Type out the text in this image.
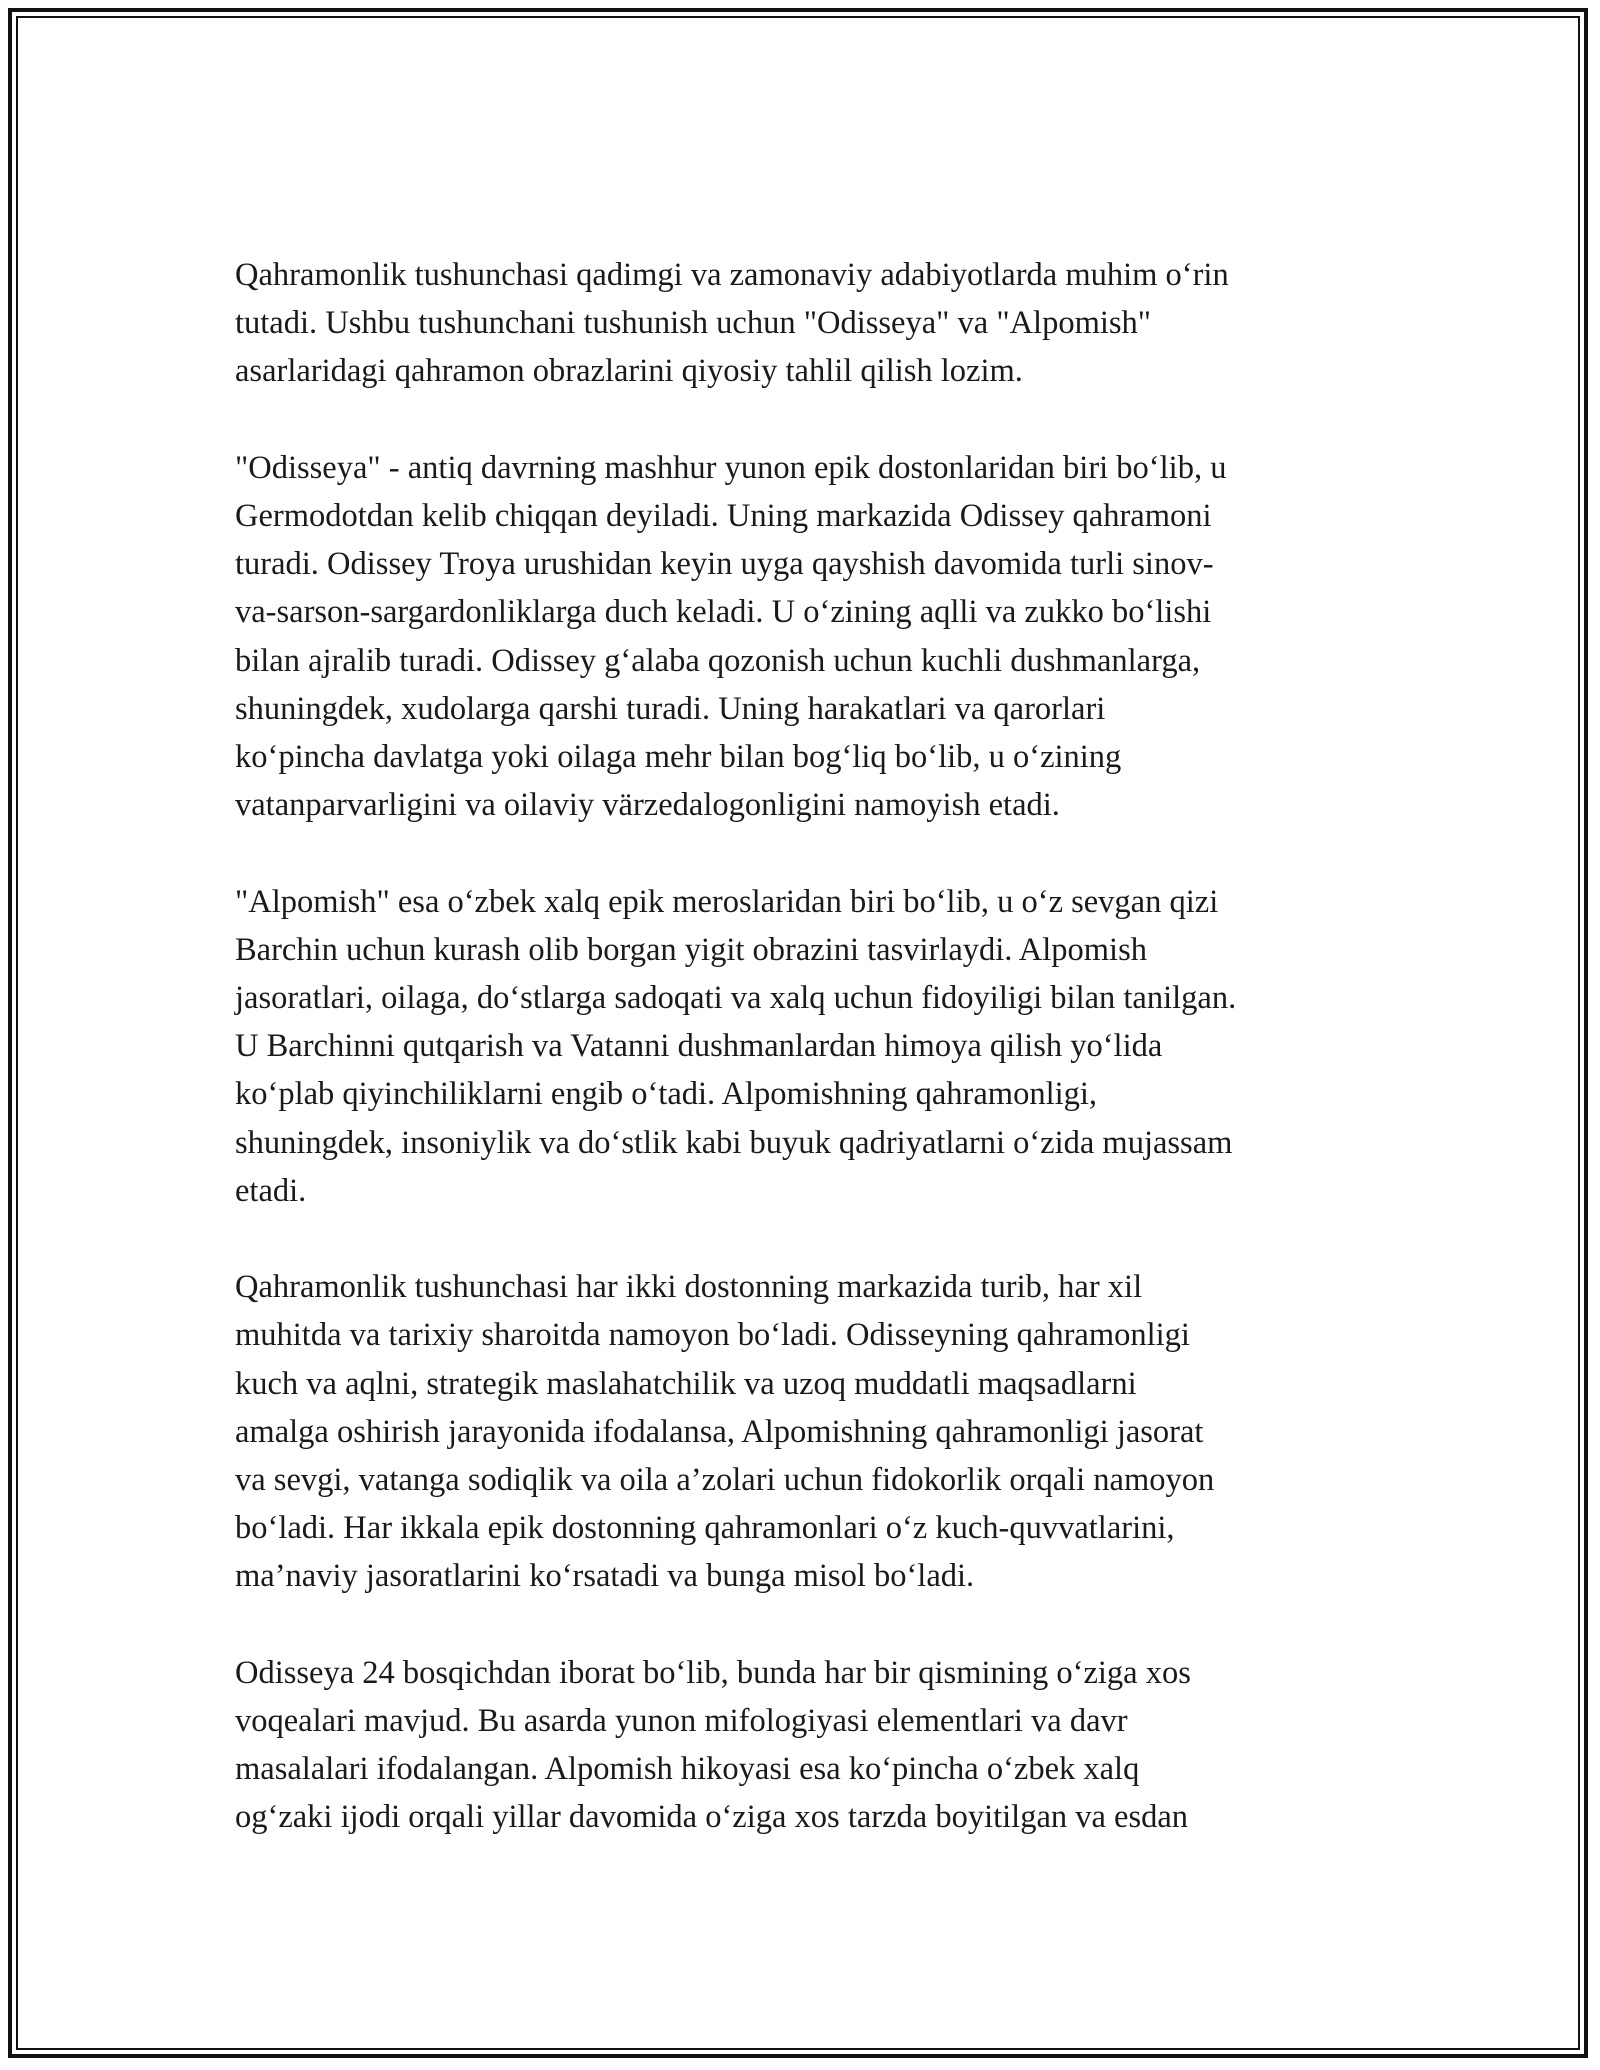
Qahramonlik tushunchasi qadimgi va zamonaviy adabiyotlarda muhim o‘rin
tutadi. Ushbu tushunchani tushunish uchun "Odisseya" va "Alpomish"
asarlaridagi qahramon obrazlarini qiyosiy tahlil qilish lozim.

"Odisseya" - antiq davrning mashhur yunon epik dostonlaridan biri bo‘lib, u
Germodotdan kelib chiqqan deyiladi. Uning markazida Odissey qahramoni
turadi. Odissey Troya urushidan keyin uyga qayshish davomida turli sinov-
va-sarson-sargardonliklarga duch keladi. U o‘zining aqlli va zukko bo‘lishi
bilan ajralib turadi. Odissey g‘alaba qozonish uchun kuchli dushmanlarga,
shuningdek, xudolarga qarshi turadi. Uning harakatlari va qarorlari
ko‘pincha davlatga yoki oilaga mehr bilan bog‘liq bo‘lib, u o‘zining
vatanparvarligini va oilaviy värzedalogonligini namoyish etadi.

"Alpomish" esa o‘zbek xalq epik meroslaridan biri bo‘lib, u o‘z sevgan qizi
Barchin uchun kurash olib borgan yigit obrazini tasvirlaydi. Alpomish
jasoratlari, oilaga, do‘stlarga sadoqati va xalq uchun fidoyiligi bilan tanilgan.
U Barchinni qutqarish va Vatanni dushmanlardan himoya qilish yo‘lida
ko‘plab qiyinchiliklarni engib o‘tadi. Alpomishning qahramonligi,
shuningdek, insoniylik va do‘stlik kabi buyuk qadriyatlarni o‘zida mujassam
etadi.

Qahramonlik tushunchasi har ikki dostonning markazida turib, har xil
muhitda va tarixiy sharoitda namoyon bo‘ladi. Odisseyning qahramonligi
kuch va aqlni, strategik maslahatchilik va uzoq muddatli maqsadlarni
amalga oshirish jarayonida ifodalansa, Alpomishning qahramonligi jasorat
va sevgi, vatanga sodiqlik va oila a’zolari uchun fidokorlik orqali namoyon
bo‘ladi. Har ikkala epik dostonning qahramonlari o‘z kuch-quvvatlarini,
ma’naviy jasoratlarini ko‘rsatadi va bunga misol bo‘ladi.

Odisseya 24 bosqichdan iborat bo‘lib, bunda har bir qismining o‘ziga xos
voqealari mavjud. Bu asarda yunon mifologiyasi elementlari va davr
masalalari ifodalangan. Alpomish hikoyasi esa ko‘pincha o‘zbek xalq
og‘zaki ijodi orqali yillar davomida o‘ziga xos tarzda boyitilgan va esdan
